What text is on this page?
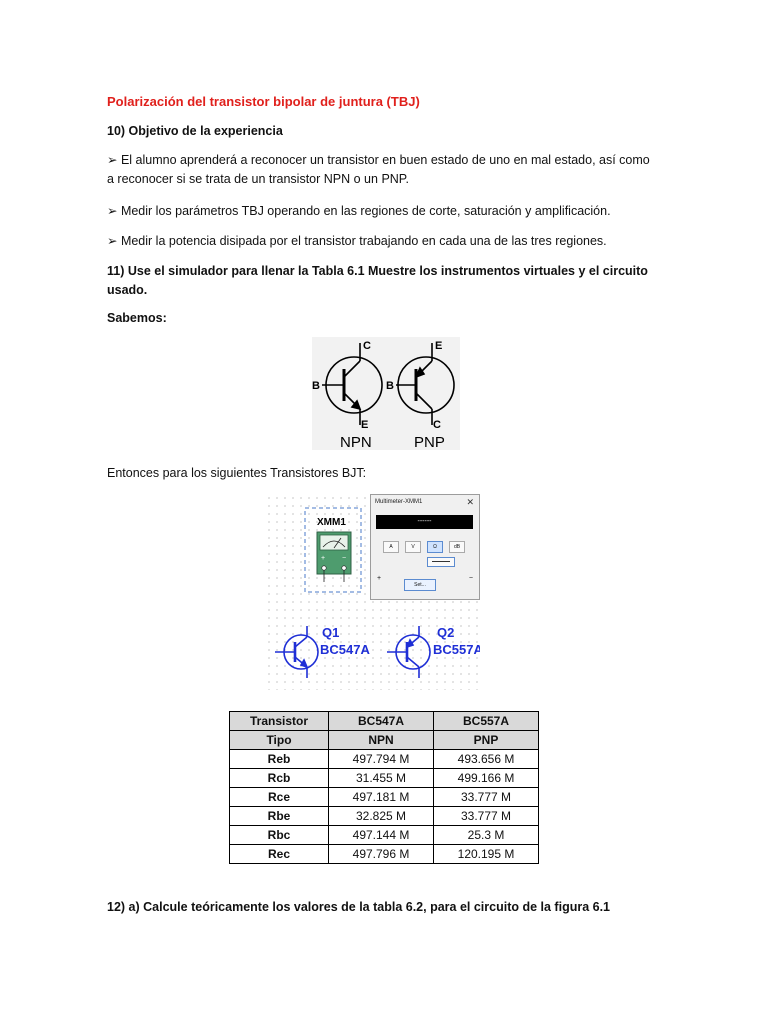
Polarización del transistor bipolar de juntura (TBJ)
10) Objetivo de la experiencia
➢ El alumno aprenderá a reconocer un transistor en buen estado de uno en mal estado, así como
a reconocer si se trata de un transistor NPN o un PNP.
➢ Medir los parámetros TBJ operando en las regiones de corte, saturación y amplificación.
➢ Medir la potencia disipada por el transistor trabajando en cada una de las tres regiones.
11) Use el simulador para llenar la Tabla 6.1 Muestre los instrumentos virtuales y el circuito
usado.
Sabemos:
C
B
E
NPN
E
B
C
PNP
Entonces para los siguientes Transistores BJT:
XMM1
+ −
Q1
BC547A
Q2
BC557A
Multimeter-XMM1	✕
------
A	V	Ω	dB
+	−
Set...
Transistor	BC547A	BC557A
Tipo	NPN	PNP
Reb	497.794 M	493.656 M
Rcb	31.455 M	499.166 M
Rce	497.181 M	33.777 M
Rbe	32.825 M	33.777 M
Rbc	497.144 M	25.3 M
Rec	497.796 M	120.195 M
12) a) Calcule teóricamente los valores de la tabla 6.2, para el circuito de la figura 6.1
